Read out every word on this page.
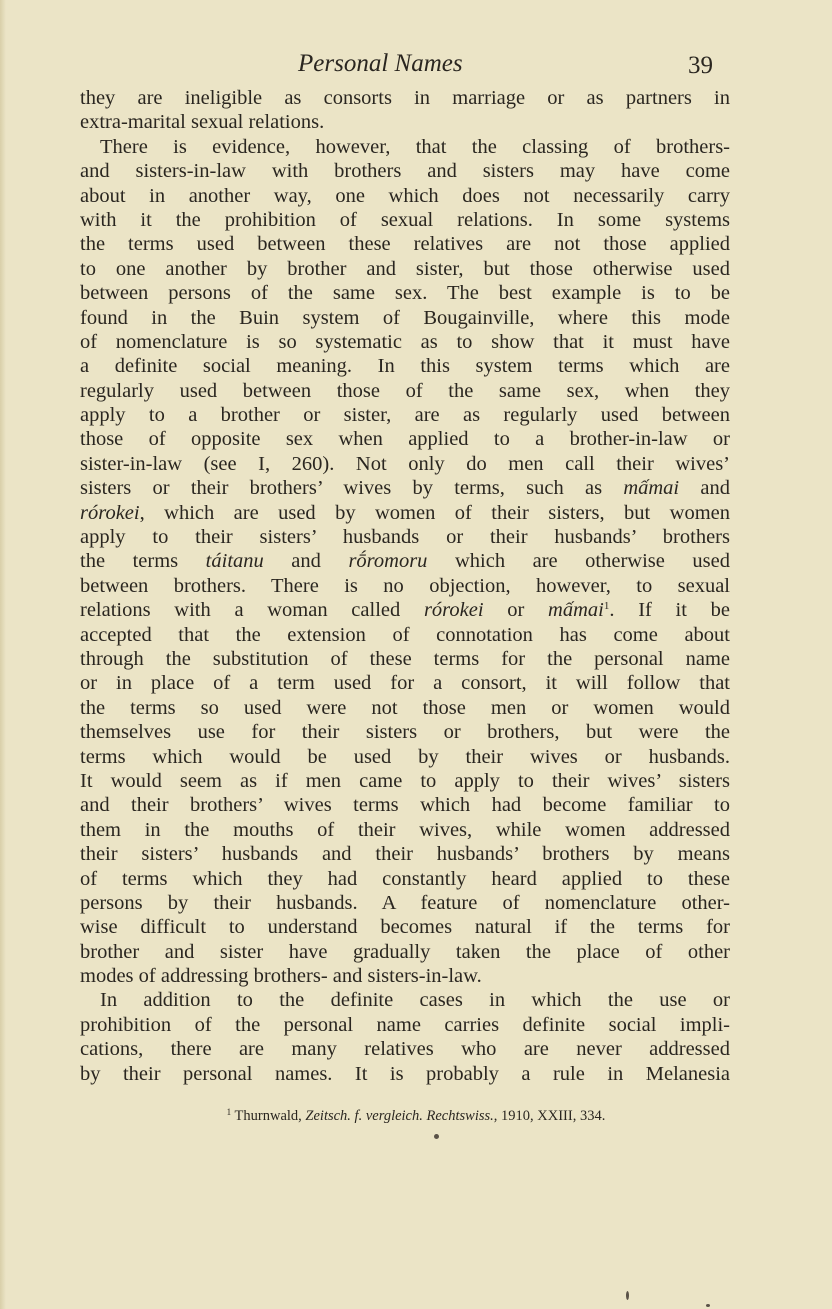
Personal Names	39
they are ineligible as consorts in marriage or as partners in
extra-marital sexual relations.
There is evidence, however, that the classing of brothers-
and sisters-in-law with brothers and sisters may have come
about in another way, one which does not necessarily carry
with it the prohibition of sexual relations. In some systems
the terms used between these relatives are not those applied
to one another by brother and sister, but those otherwise used
between persons of the same sex. The best example is to be
found in the Buin system of Bougainville, where this mode
of nomenclature is so systematic as to show that it must have
a definite social meaning. In this system terms which are
regularly used between those of the same sex, when they
apply to a brother or sister, are as regularly used between
those of opposite sex when applied to a brother-in-law or
sister-in-law (see I, 260). Not only do men call their wives’
sisters or their brothers’ wives by terms, such as mấmai and
rórokei, which are used by women of their sisters, but women
apply to their sisters’ husbands or their husbands’ brothers
the terms táitanu and rṓromoru which are otherwise used
between brothers. There is no objection, however, to sexual
relations with a woman called rórokei or mấmai$^1$. If it be
accepted that the extension of connotation has come about
through the substitution of these terms for the personal name
or in place of a term used for a consort, it will follow that
the terms so used were not those men or women would
themselves use for their sisters or brothers, but were the
terms which would be used by their wives or husbands.
It would seem as if men came to apply to their wives’ sisters
and their brothers’ wives terms which had become familiar to
them in the mouths of their wives, while women addressed
their sisters’ husbands and their husbands’ brothers by means
of terms which they had constantly heard applied to these
persons by their husbands. A feature of nomenclature other-
wise difficult to understand becomes natural if the terms for
brother and sister have gradually taken the place of other
modes of addressing brothers- and sisters-in-law.
In addition to the definite cases in which the use or
prohibition of the personal name carries definite social impli-
cations, there are many relatives who are never addressed
by their personal names. It is probably a rule in Melanesia
$^1$ Thurnwald, Zeitsch. f. vergleich. Rechtswiss., 1910, XXIII, 334.
